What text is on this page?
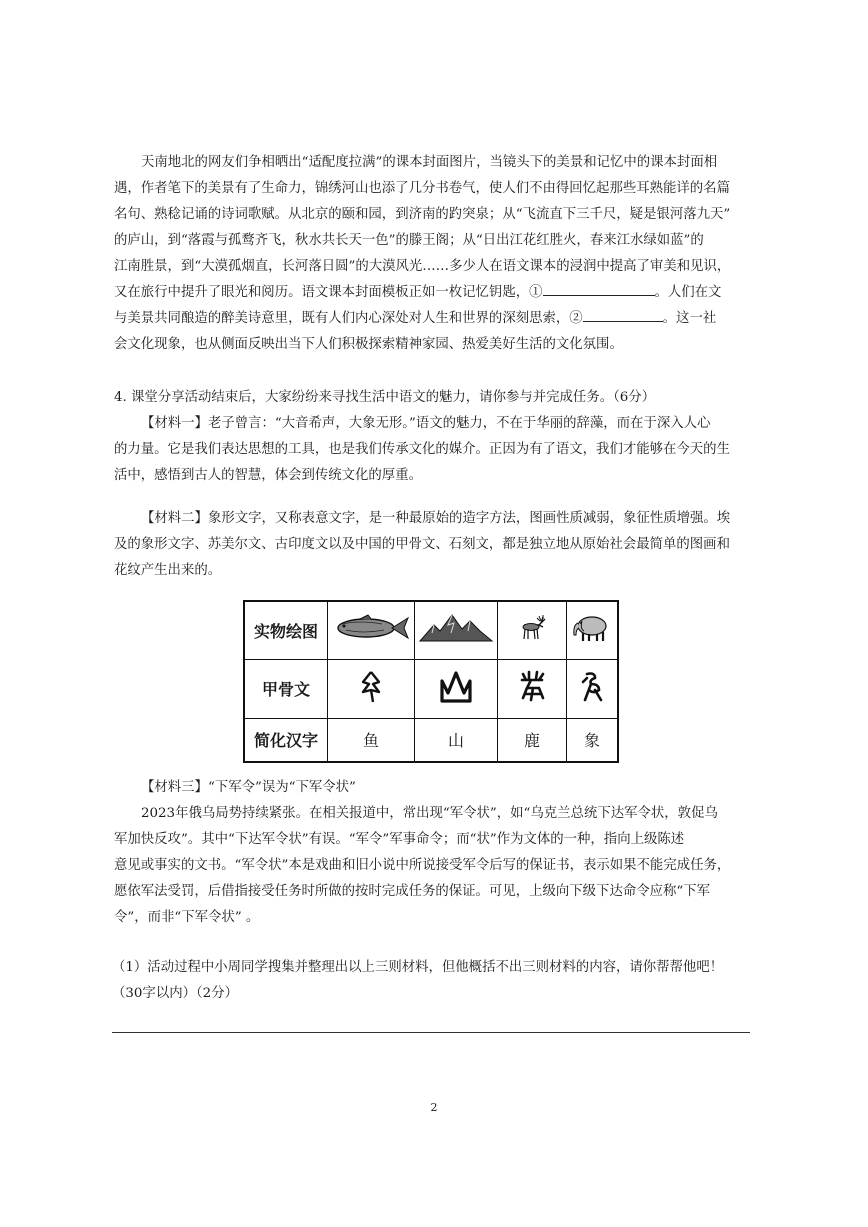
天南地北的网友们争相晒出“适配度拉满”的课本封面图片，当镜头下的美景和记忆中的课本封面相
遇，作者笔下的美景有了生命力，锦绣河山也添了几分书卷气，使人们不由得回忆起那些耳熟能详的名篇
名句、熟稔记诵的诗词歌赋。从北京的颐和园，到济南的趵突泉；从“飞流直下三千尺，疑是银河落九天”
的庐山，到“落霞与孤鹜齐飞，秋水共长天一色”的滕王阁；从“日出江花红胜火，春来江水绿如蓝”的
江南胜景，到“大漠孤烟直，长河落日圆”的大漠风光……多少人在语文课本的浸润中提高了审美和见识，
又在旅行中提升了眼光和阅历。语文课本封面模板正如一枚记忆钥匙，①	。人们在文
与美景共同酿造的醉美诗意里，既有人们内心深处对人生和世界的深刻思索，②	。这一社
会文化现象，也从侧面反映出当下人们积极探索精神家园、热爱美好生活的文化氛围。
4. 课堂分享活动结束后，大家纷纷来寻找生活中语文的魅力，请你参与并完成任务。（6分）
【材料一】老子曾言：“大音希声，大象无形。”语文的魅力，不在于华丽的辞藻，而在于深入人心
的力量。它是我们表达思想的工具，也是我们传承文化的媒介。正因为有了语文，我们才能够在今天的生
活中，感悟到古人的智慧，体会到传统文化的厚重。
【材料二】象形文字，又称表意文字，是一种最原始的造字方法，图画性质减弱，象征性质增强。埃
及的象形文字、苏美尔文、古印度文以及中国的甲骨文、石刻文，都是独立地从原始社会最简单的图画和
花纹产生出来的。
实物绘图				
甲骨文				
简化汉字	鱼	山	鹿	象
【材料三】“下军令”误为“下军令状”
2023年俄乌局势持续紧张。在相关报道中，常出现“军令状”，如“乌克兰总统下达军令状，敦促乌
军加快反攻”。其中“下达军令状”有误。“军令”军事命令；而“状”作为文体的一种，指向上级陈述
意见或事实的文书。“军令状”本是戏曲和旧小说中所说接受军令后写的保证书，表示如果不能完成任务，
愿依军法受罚，后借指接受任务时所做的按时完成任务的保证。可见，上级向下级下达命令应称“下军
令”，而非“下军令状” 。
（1）活动过程中小周同学搜集并整理出以上三则材料，但他概括不出三则材料的内容，请你帮帮他吧！
（30字以内）（2分）
2
